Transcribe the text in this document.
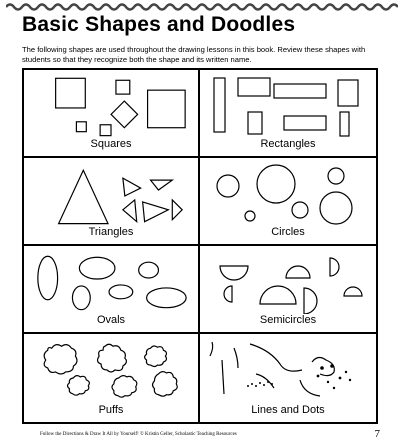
Basic Shapes and Doodles
The following shapes are used throughout the drawing lessons in this book. Review these shapes with students so that they recognize both the shape and its written name.
Squares	Rectangles
Triangles	Circles
Ovals	Semicircles
Puffs	Lines and Dots
Follow the Directions & Draw It All by Yourself! © Kristin Geller, Scholastic Teaching Resources	7
